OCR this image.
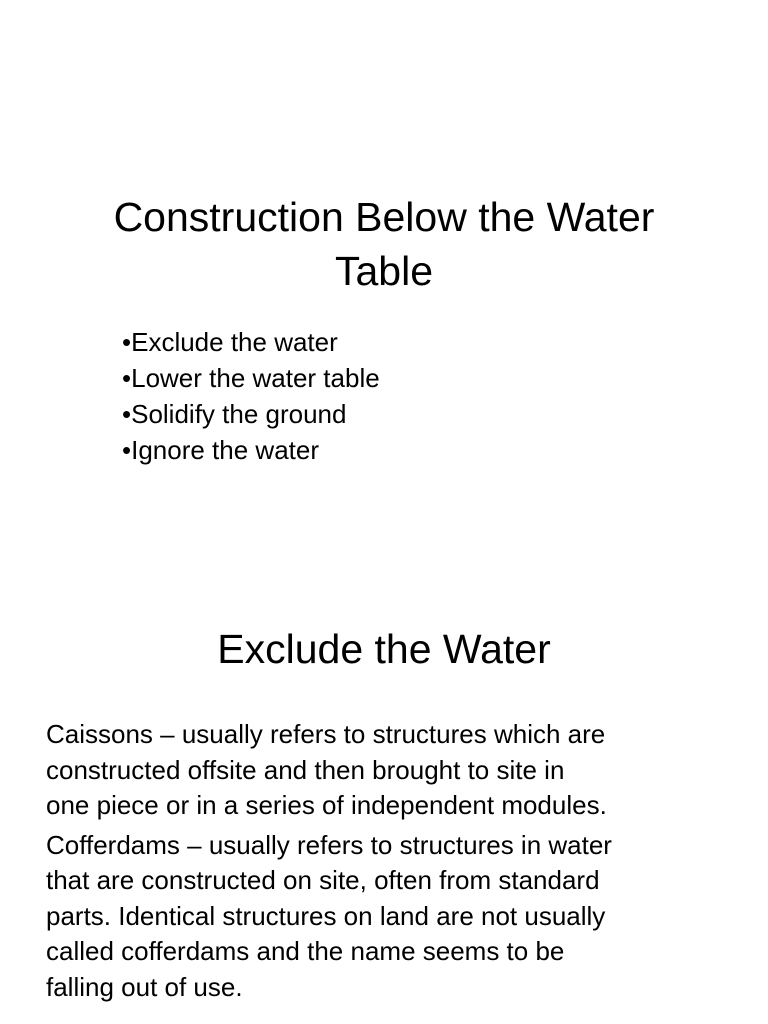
Construction Below the Water
Table
•Exclude the water
•Lower the water table
•Solidify the ground
•Ignore the water
Exclude the Water

Caissons – usually refers to structures which are
constructed offsite and then brought to site in
one piece or in a series of independent modules.

Cofferdams – usually refers to structures in water
that are constructed on site, often from standard
parts. Identical structures on land are not usually
called cofferdams and the name seems to be
falling out of use.
